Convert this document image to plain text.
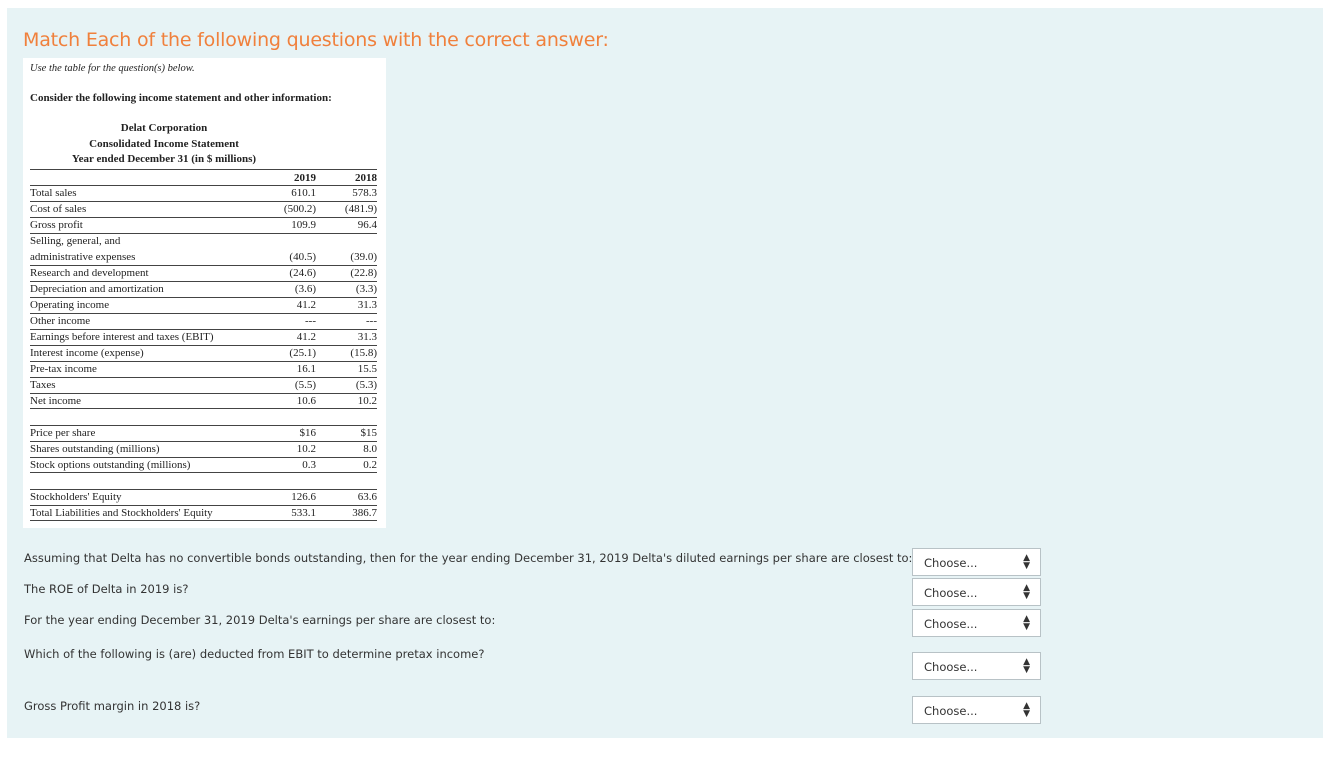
Match Each of the following questions with the correct answer:
Use the table for the question(s) below.
Consider the following income statement and other information:
Delat Corporation
Consolidated Income Statement
Year ended December 31 (in $ millions)
2019	2018
Total sales	610.1	578.3
Cost of sales	(500.2)	(481.9)
Gross profit	109.9	96.4
Selling, general, and
administrative expenses	(40.5)	(39.0)
Research and development	(24.6)	(22.8)
Depreciation and amortization	(3.6)	(3.3)
Operating income	41.2	31.3
Other income	---	---
Earnings before interest and taxes (EBIT)	41.2	31.3
Interest income (expense)	(25.1)	(15.8)
Pre-tax income	16.1	15.5
Taxes	(5.5)	(5.3)
Net income	10.6	10.2
Price per share	$16	$15
Shares outstanding (millions)	10.2	8.0
Stock options outstanding (millions)	0.3	0.2
Stockholders' Equity	126.6	63.6
Total Liabilities and Stockholders' Equity	533.1	386.7
Assuming that Delta has no convertible bonds outstanding, then for the year ending December 31, 2019 Delta's diluted earnings per share are closest to: Choose...	▲
▼
The ROE of Delta in 2019 is?	Choose...	▲
▼
For the year ending December 31, 2019 Delta's earnings per share are closest to:	Choose...	▲
▼
Which of the following is (are) deducted from EBIT to determine pretax income?
Choose...	▲
▼
Gross Profit margin in 2018 is?	Choose...	▲
▼
